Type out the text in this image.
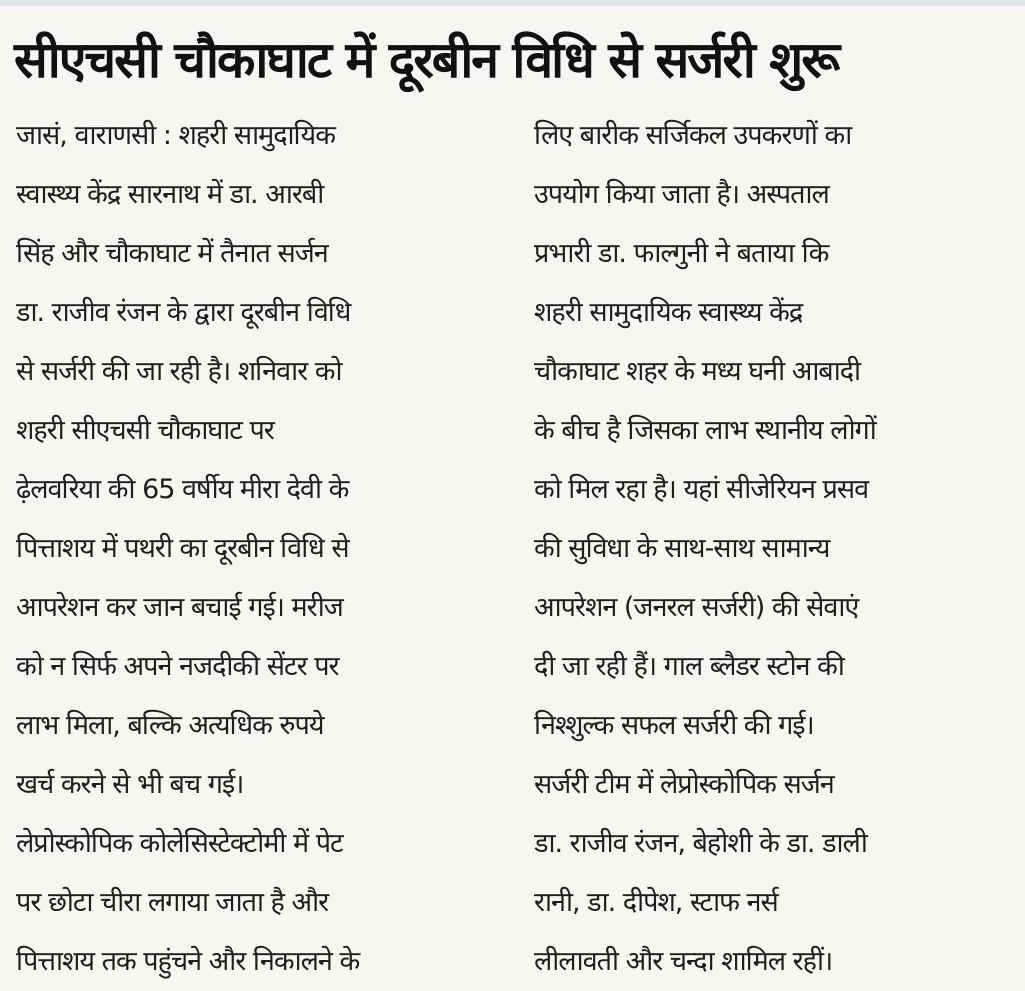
सीएचसी चौकाघाट में दूरबीन विधि से सर्जरी शुरू
जासं, वाराणसी : शहरी सामुदायिक
स्वास्थ्य केंद्र सारनाथ में डा. आरबी
सिंह और चौकाघाट में तैनात सर्जन
डा. राजीव रंजन के द्वारा दूरबीन विधि
से सर्जरी की जा रही है। शनिवार को
शहरी सीएचसी चौकाघाट पर
ढ़ेलवरिया की 65 वर्षीय मीरा देवी के
पित्ताशय में पथरी का दूरबीन विधि से
आपरेशन कर जान बचाई गई। मरीज
को न सिर्फ अपने नजदीकी सेंटर पर
लाभ मिला, बल्कि अत्यधिक रुपये
खर्च करने से भी बच गई।
लेप्रोस्कोपिक कोलेसिस्टेक्टोमी में पेट
पर छोटा चीरा लगाया जाता है और
पित्ताशय तक पहुंचने और निकालने के
लिए बारीक सर्जिकल उपकरणों का
उपयोग किया जाता है। अस्पताल
प्रभारी डा. फाल्गुनी ने बताया कि
शहरी सामुदायिक स्वास्थ्य केंद्र
चौकाघाट शहर के मध्य घनी आबादी
के बीच है जिसका लाभ स्थानीय लोगों
को मिल रहा है। यहां सीजेरियन प्रसव
की सुविधा के साथ-साथ सामान्य
आपरेशन (जनरल सर्जरी) की सेवाएं
दी जा रही हैं। गाल ब्लैडर स्टोन की
निश्शुल्क सफल सर्जरी की गई।
सर्जरी टीम में लेप्रोस्कोपिक सर्जन
डा. राजीव रंजन, बेहोशी के डा. डाली
रानी, डा. दीपेश, स्टाफ नर्स
लीलावती और चन्दा शामिल रहीं।
